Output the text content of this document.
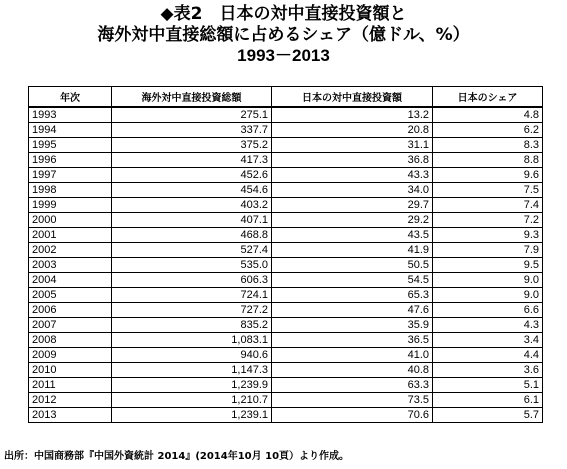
◆表2　日本の対中直接投資額と
海外対中直接総額に占めるシェア（億ドル、%）
1993－2013
年次	海外対中直接投資総額	日本の対中直接投資額	日本のシェア
1993	275.1	13.2	4.8
1994	337.7	20.8	6.2
1995	375.2	31.1	8.3
1996	417.3	36.8	8.8
1997	452.6	43.3	9.6
1998	454.6	34.0	7.5
1999	403.2	29.7	7.4
2000	407.1	29.2	7.2
2001	468.8	43.5	9.3
2002	527.4	41.9	7.9
2003	535.0	50.5	9.5
2004	606.3	54.5	9.0
2005	724.1	65.3	9.0
2006	727.2	47.6	6.6
2007	835.2	35.9	4.3
2008	1,083.1	36.5	3.4
2009	940.6	41.0	4.4
2010	1,147.3	40.8	3.6
2011	1,239.9	63.3	5.1
2012	1,210.7	73.5	6.1
2013	1,239.1	70.6	5.7
出所：中国商務部『中国外資統計 2014』(2014年10月 10頁）より作成。
